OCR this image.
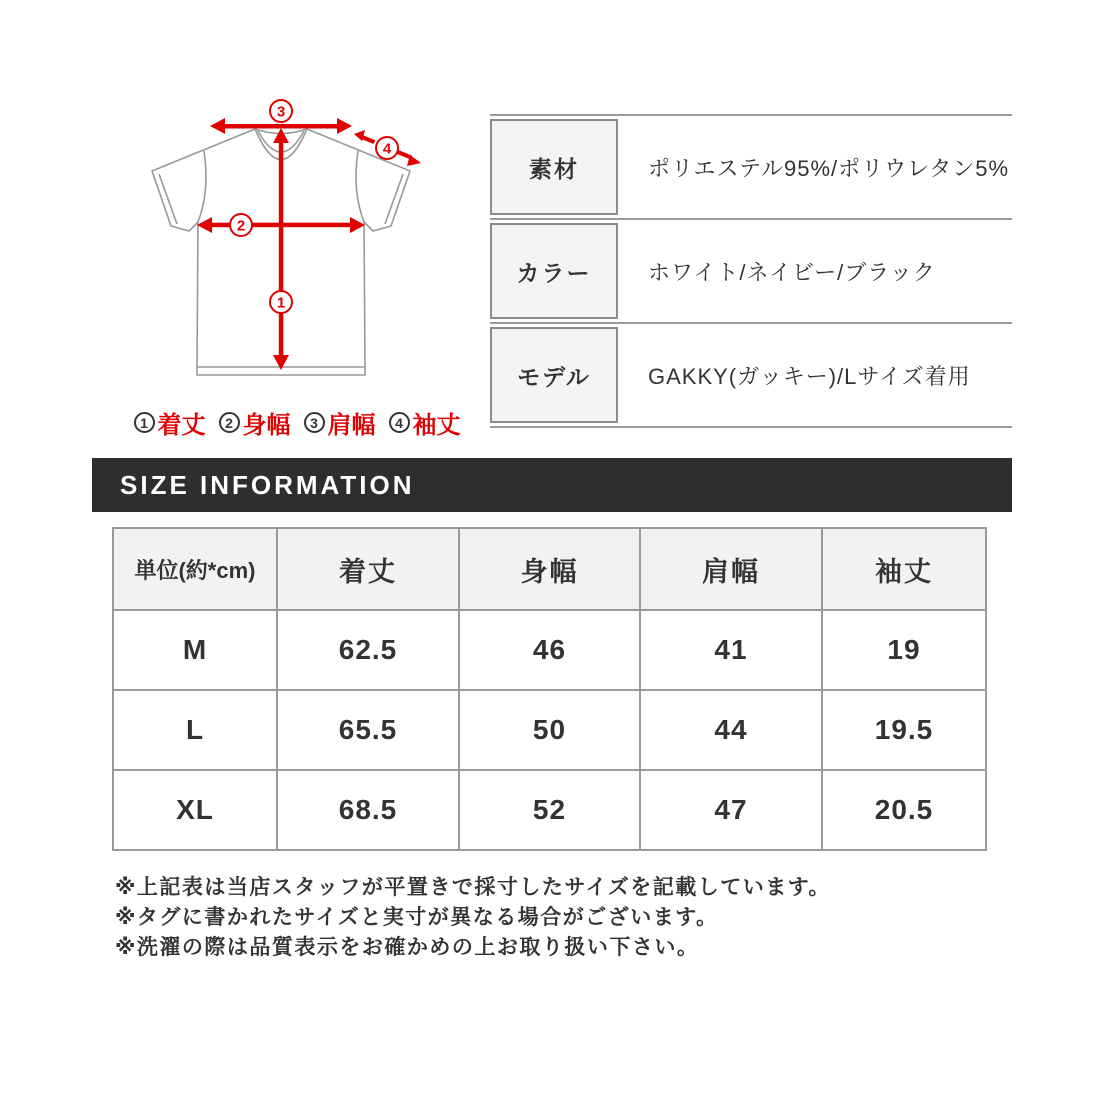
3
4
2
1
1 着丈	2 身幅	3 肩幅	4 袖丈
素材	ポリエステル95%/ポリウレタン5%

カラー	ホワイト/ネイビー/ブラック

モデル	GAKKY(ガッキー)/Lサイズ着用
SIZE INFORMATION
単位(約*cm)	着丈	身幅	肩幅	袖丈
M	62.5	46	41	19
L	65.5	50	44	19.5
XL	68.5	52	47	20.5
※上記表は当店スタッフが平置きで採寸したサイズを記載しています。
※タグに書かれたサイズと実寸が異なる場合がございます。
※洗濯の際は品質表示をお確かめの上お取り扱い下さい。
